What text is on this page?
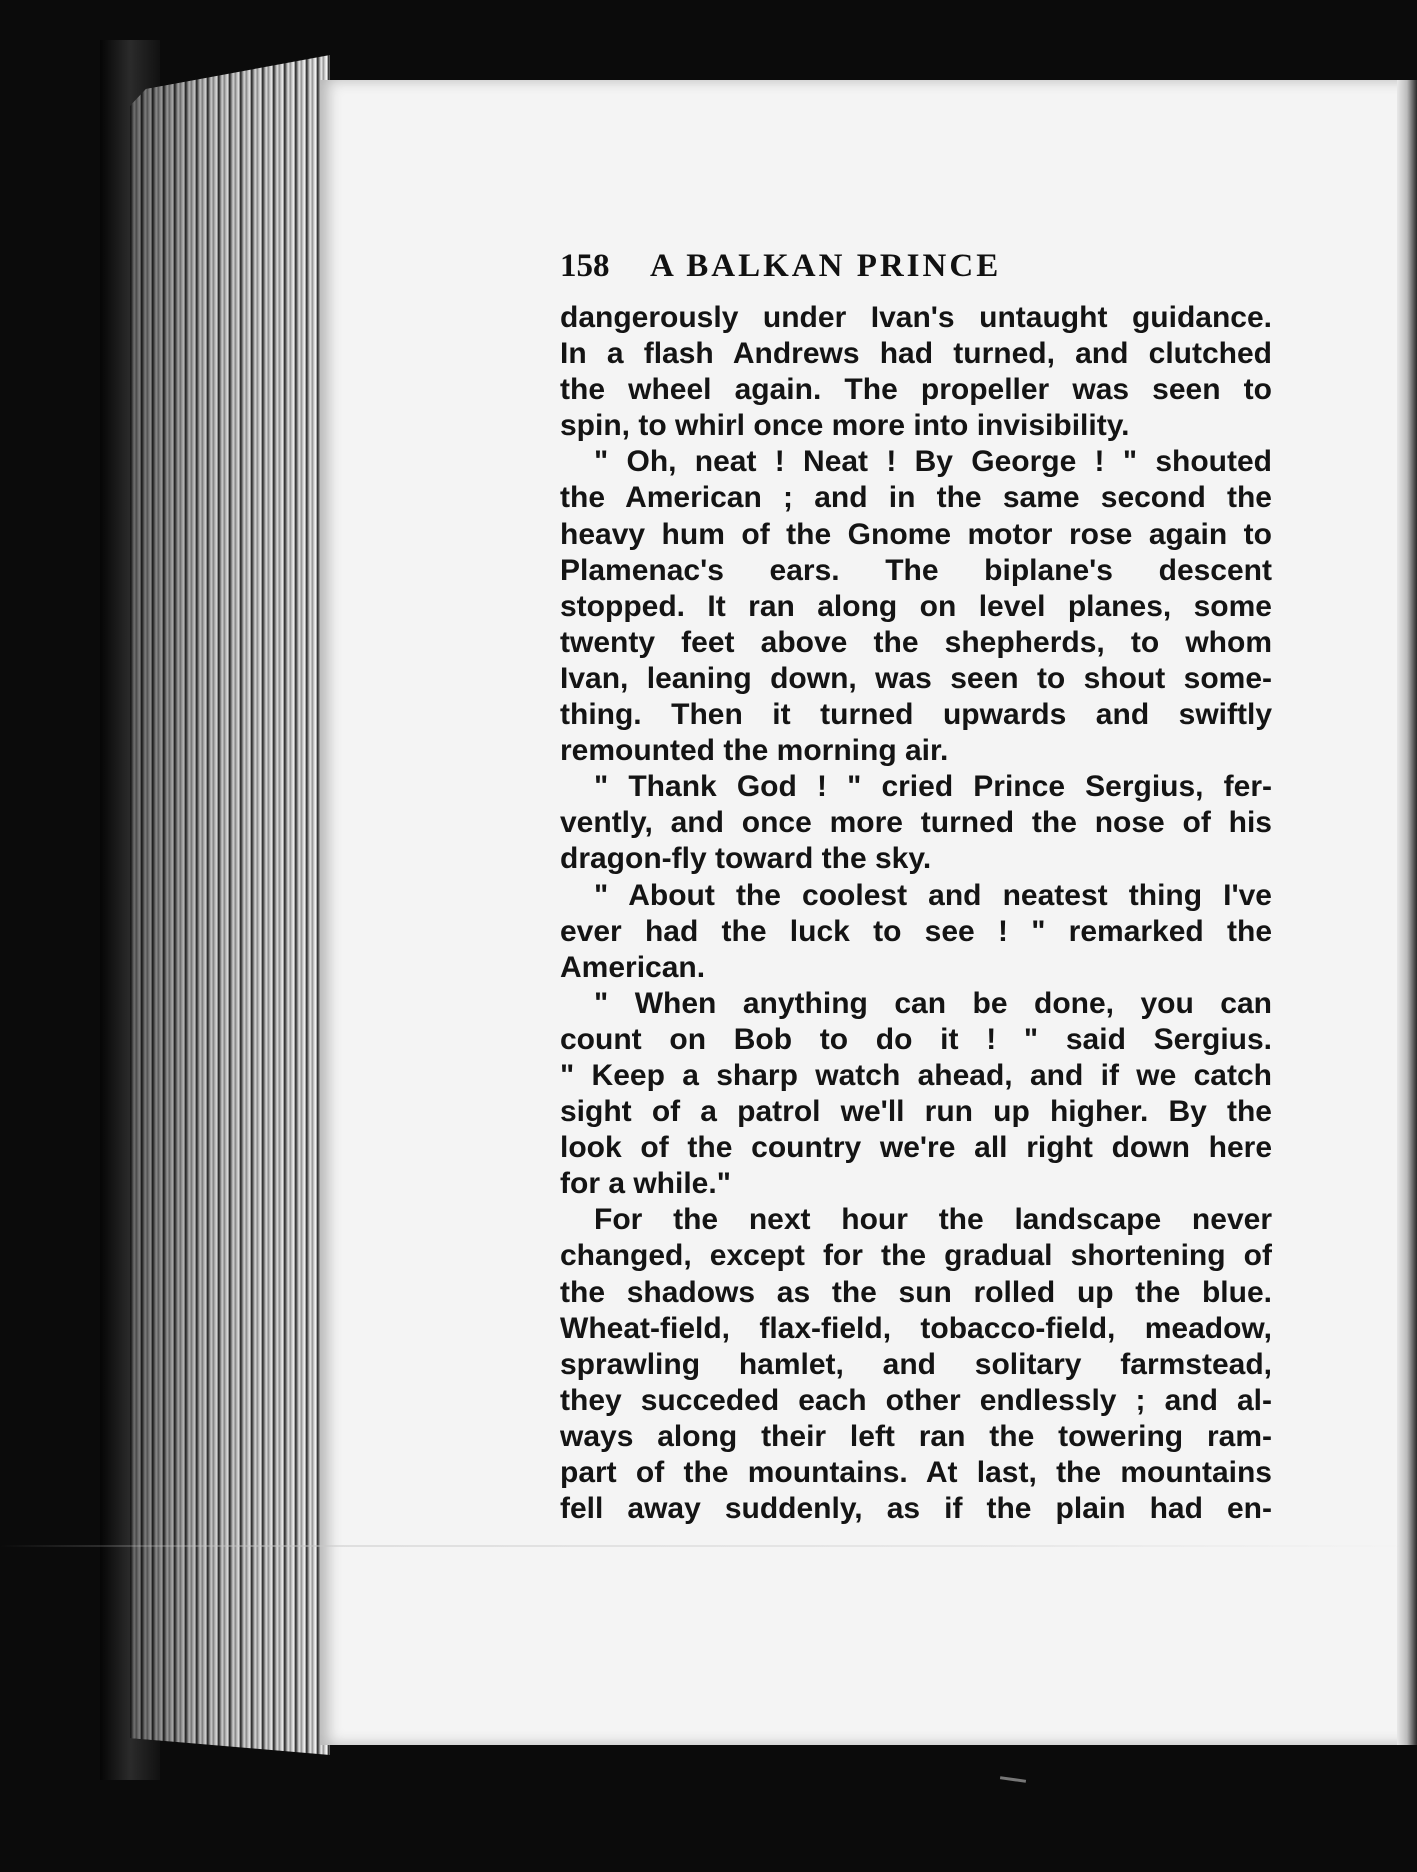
158 A BALKAN PRINCE
dangerously under Ivan's untaught guidance.
In a flash Andrews had turned, and clutched
the wheel again. The propeller was seen to
spin, to whirl once more into invisibility.
" Oh, neat ! Neat ! By George ! " shouted
the American ; and in the same second the
heavy hum of the Gnome motor rose again to
Plamenac's ears. The biplane's descent
stopped. It ran along on level planes, some
twenty feet above the shepherds, to whom
Ivan, leaning down, was seen to shout some-
thing. Then it turned upwards and swiftly
remounted the morning air.
" Thank God ! " cried Prince Sergius, fer-
vently, and once more turned the nose of his
dragon-fly toward the sky.
" About the coolest and neatest thing I've
ever had the luck to see ! " remarked the
American.
" When anything can be done, you can
count on Bob to do it ! " said Sergius.
" Keep a sharp watch ahead, and if we catch
sight of a patrol we'll run up higher. By the
look of the country we're all right down here
for a while."
For the next hour the landscape never
changed, except for the gradual shortening of
the shadows as the sun rolled up the blue.
Wheat-field, flax-field, tobacco-field, meadow,
sprawling hamlet, and solitary farmstead,
they succeded each other endlessly ; and al-
ways along their left ran the towering ram-
part of the mountains. At last, the mountains
fell away suddenly, as if the plain had en-
